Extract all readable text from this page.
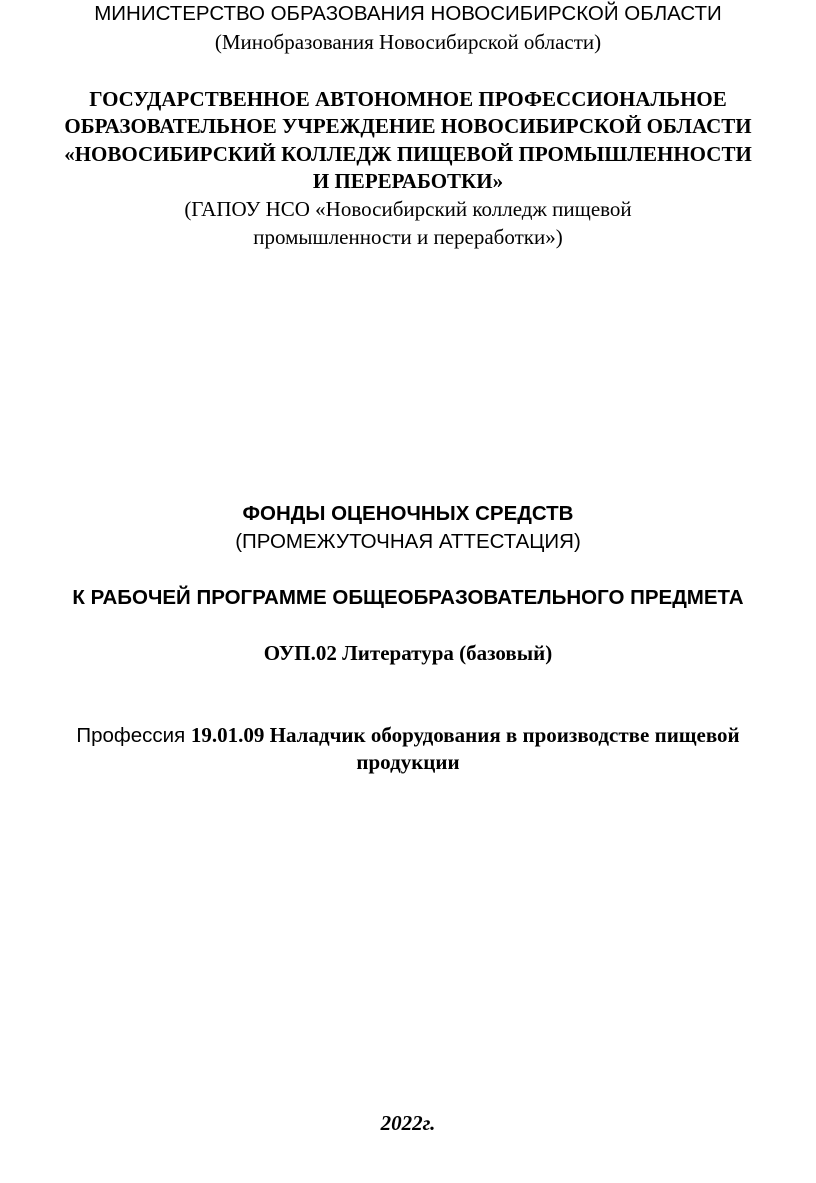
МИНИСТЕРСТВО ОБРАЗОВАНИЯ НОВОСИБИРСКОЙ ОБЛАСТИ
(Минобразования Новосибирской области)
ГОСУДАРСТВЕННОЕ АВТОНОМНОЕ ПРОФЕССИОНАЛЬНОЕ
ОБРАЗОВАТЕЛЬНОЕ УЧРЕЖДЕНИЕ НОВОСИБИРСКОЙ ОБЛАСТИ
«НОВОСИБИРСКИЙ КОЛЛЕДЖ ПИЩЕВОЙ ПРОМЫШЛЕННОСТИ
И ПЕРЕРАБОТКИ»
(ГАПОУ НСО «Новосибирский колледж пищевой
промышленности и переработки»)
ФОНДЫ ОЦЕНОЧНЫХ СРЕДСТВ
(ПРОМЕЖУТОЧНАЯ АТТЕСТАЦИЯ)
К РАБОЧЕЙ ПРОГРАММЕ ОБЩЕОБРАЗОВАТЕЛЬНОГО ПРЕДМЕТА
ОУП.02 Литература (базовый)
Профессия 19.01.09 Наладчик оборудования в производстве пищевой
продукции
2022г.
